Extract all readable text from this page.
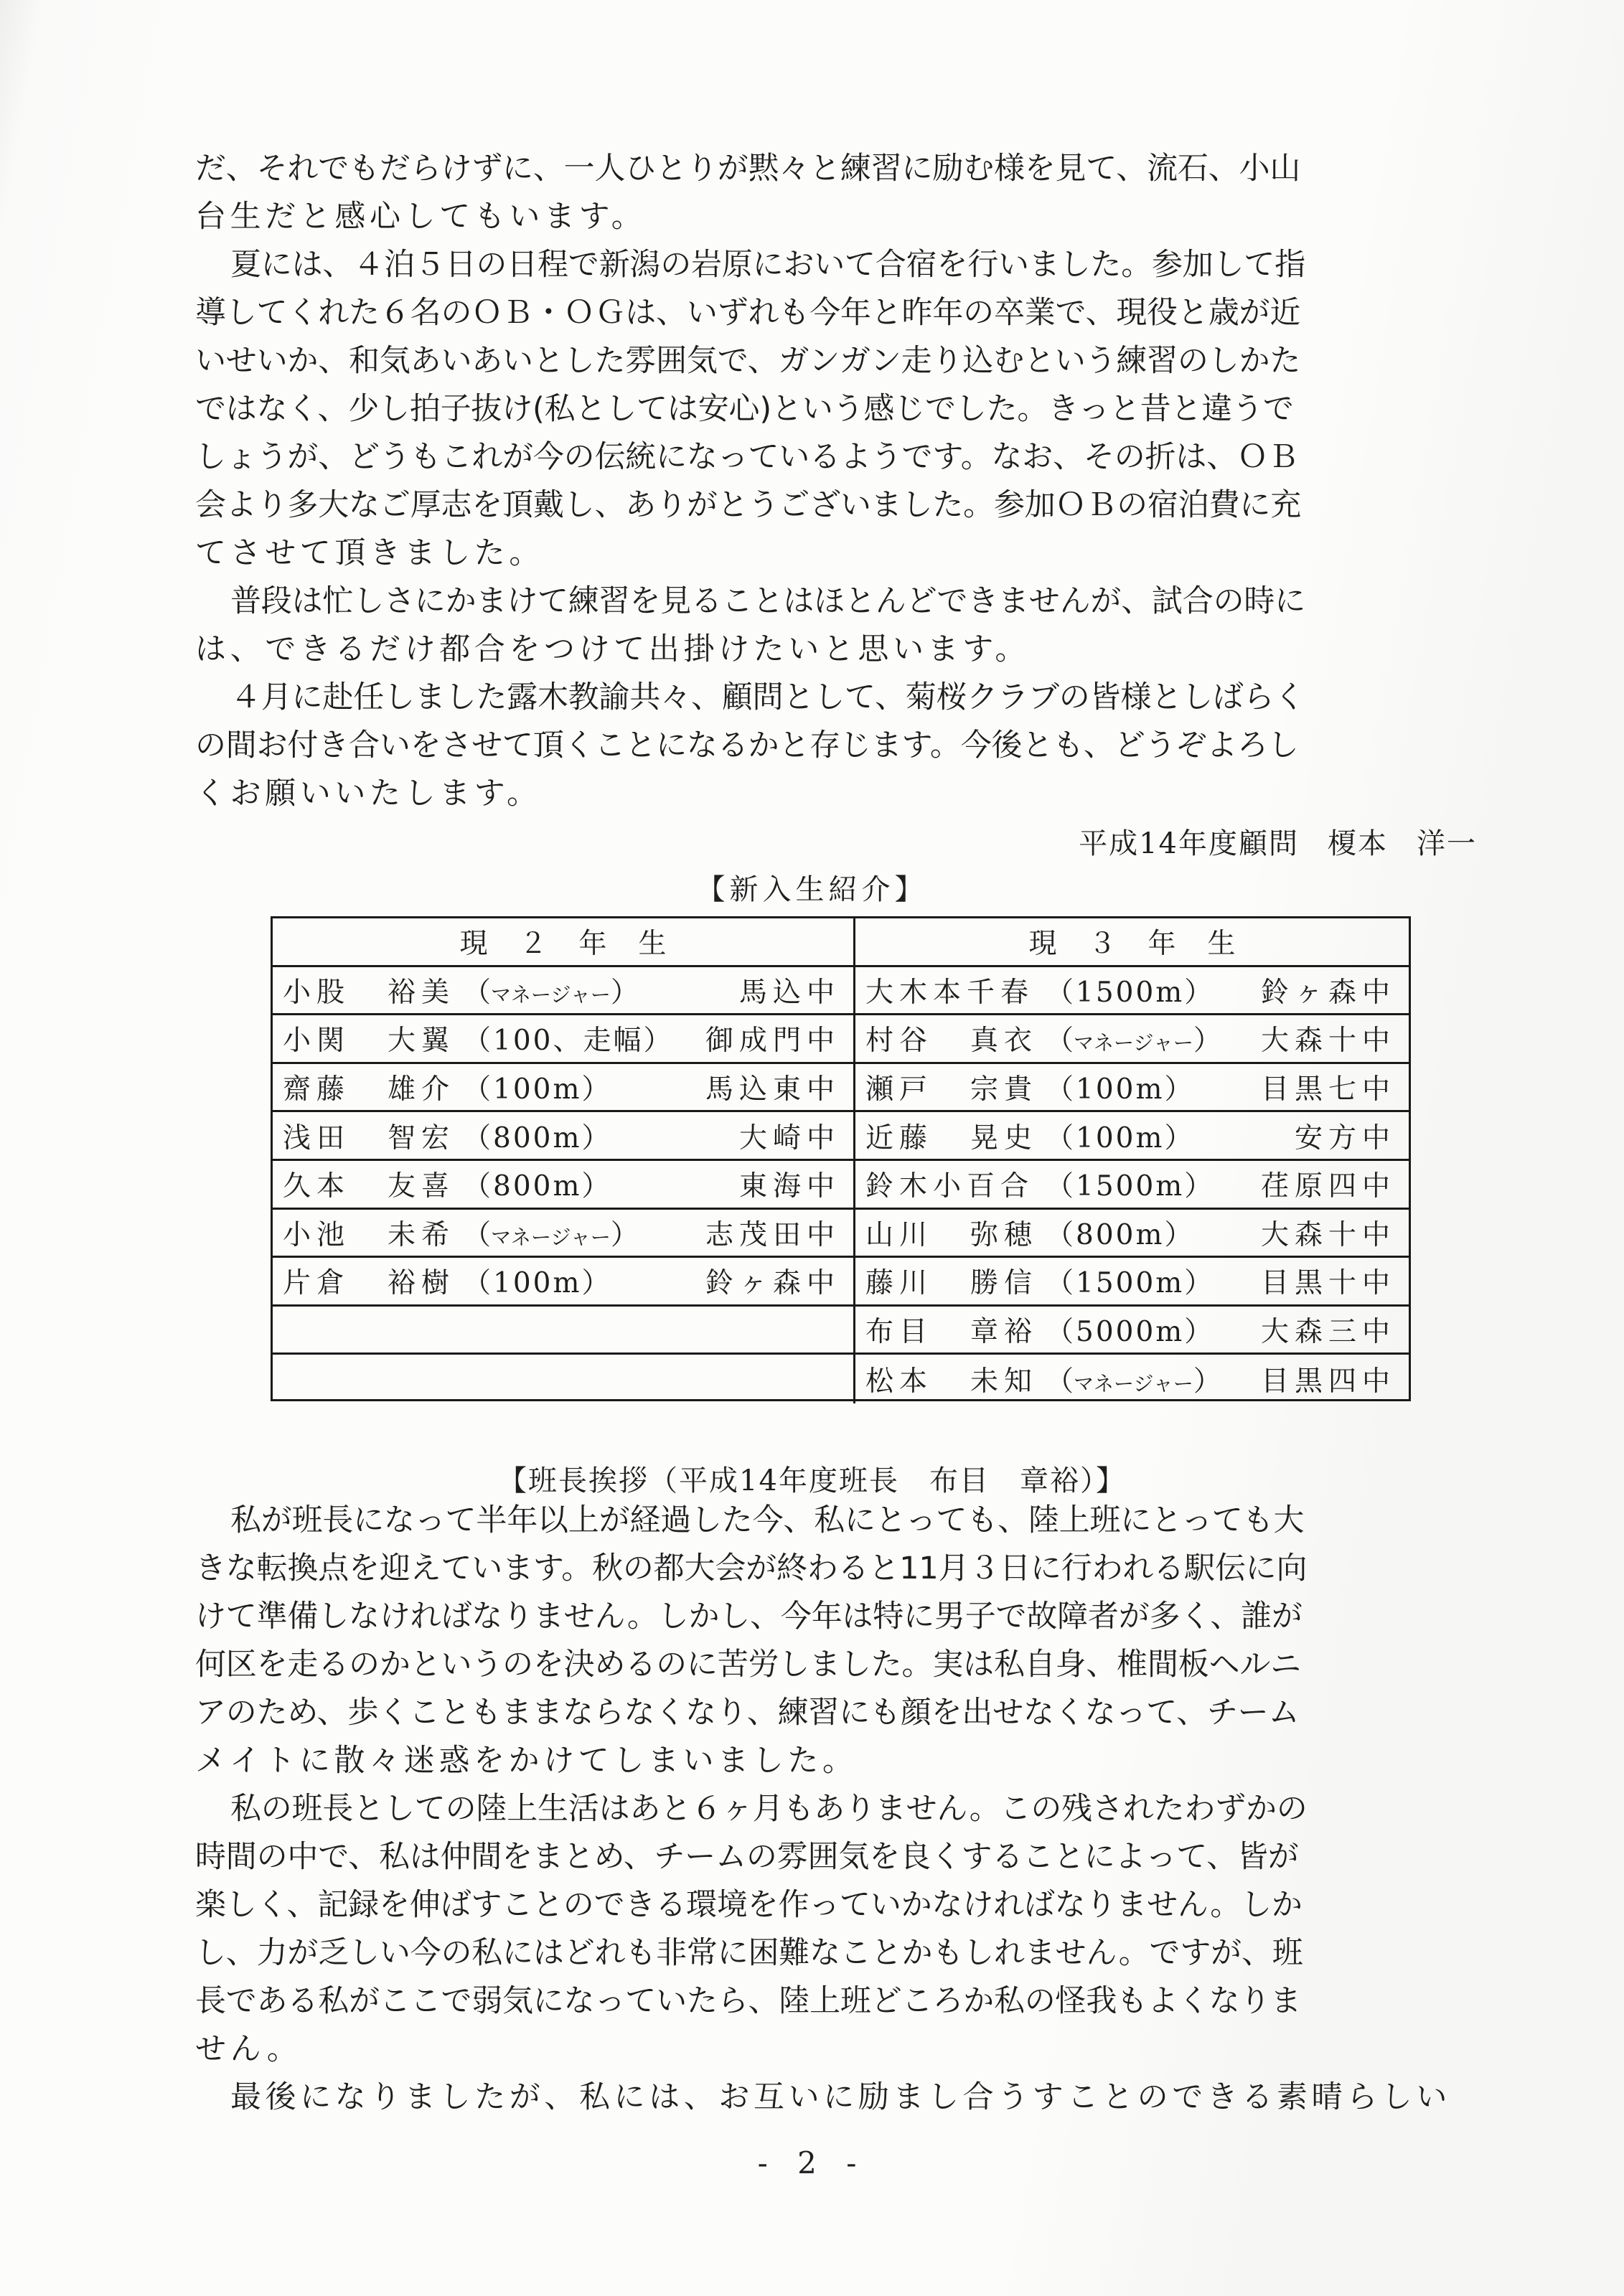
だ、それでもだらけずに、一人ひとりが黙々と練習に励む様を見て、流石、小山
台生だと感心してもいます。
夏には、４泊５日の日程で新潟の岩原において合宿を行いました。参加して指
導してくれた６名のＯＢ・ＯＧは、いずれも今年と昨年の卒業で、現役と歳が近
いせいか、和気あいあいとした雰囲気で、ガンガン走り込むという練習のしかた
ではなく、少し拍子抜け(私としては安心)という感じでした。きっと昔と違うで
しょうが、どうもこれが今の伝統になっているようです。なお、その折は、ＯＢ
会より多大なご厚志を頂戴し、ありがとうございました。参加ＯＢの宿泊費に充
てさせて頂きました。
普段は忙しさにかまけて練習を見ることはほとんどできませんが、試合の時に
は、できるだけ都合をつけて出掛けたいと思います。
４月に赴任しました露木教諭共々、顧問として、菊桜クラブの皆様としばらく
の間お付き合いをさせて頂くことになるかと存じます。今後とも、どうぞよろし
くお願いいたします。
平成14年度顧問 榎本 洋一
【新入生紹介】
現２年生
小股 裕美 （マネージャー）	馬込中
小関 大翼 （100、走幅） 御成門中
齋藤 雄介 （100m）	馬込東中
浅田 智宏 （800m）	大崎中
久本 友喜 （800m）	東海中
小池 未希 （マネージャー） 志茂田中
片倉 裕樹 （100m）	鈴ヶ森中
現３年生
大木本千春 （1500m） 鈴ヶ森中
村谷 真衣 （マネージャー） 大森十中
瀬戸 宗貴 （100m） 目黒七中
近藤 晃史 （100m）	安方中
鈴木小百合 （1500m） 荏原四中
山川 弥穂 （800m） 大森十中
藤川 勝信 （1500m） 目黒十中
布目 章裕 （5000m） 大森三中
松本 未知 （マネージャー） 目黒四中
【班長挨拶（平成14年度班長　布目　章裕）】
私が班長になって半年以上が経過した今、私にとっても、陸上班にとっても大
きな転換点を迎えています。秋の都大会が終わると11月３日に行われる駅伝に向
けて準備しなければなりません。しかし、今年は特に男子で故障者が多く、誰が
何区を走るのかというのを決めるのに苦労しました。実は私自身、椎間板ヘルニ
アのため、歩くこともままならなくなり、練習にも顔を出せなくなって、チーム
メイトに散々迷惑をかけてしまいました。
私の班長としての陸上生活はあと６ヶ月もありません。この残されたわずかの
時間の中で、私は仲間をまとめ、チームの雰囲気を良くすることによって、皆が
楽しく、記録を伸ばすことのできる環境を作っていかなければなりません。しか
し、力が乏しい今の私にはどれも非常に困難なことかもしれません。ですが、班
長である私がここで弱気になっていたら、陸上班どころか私の怪我もよくなりま
せん。
最後になりましたが、私には、お互いに励まし合うすことのできる素晴らしい
- 2 -
